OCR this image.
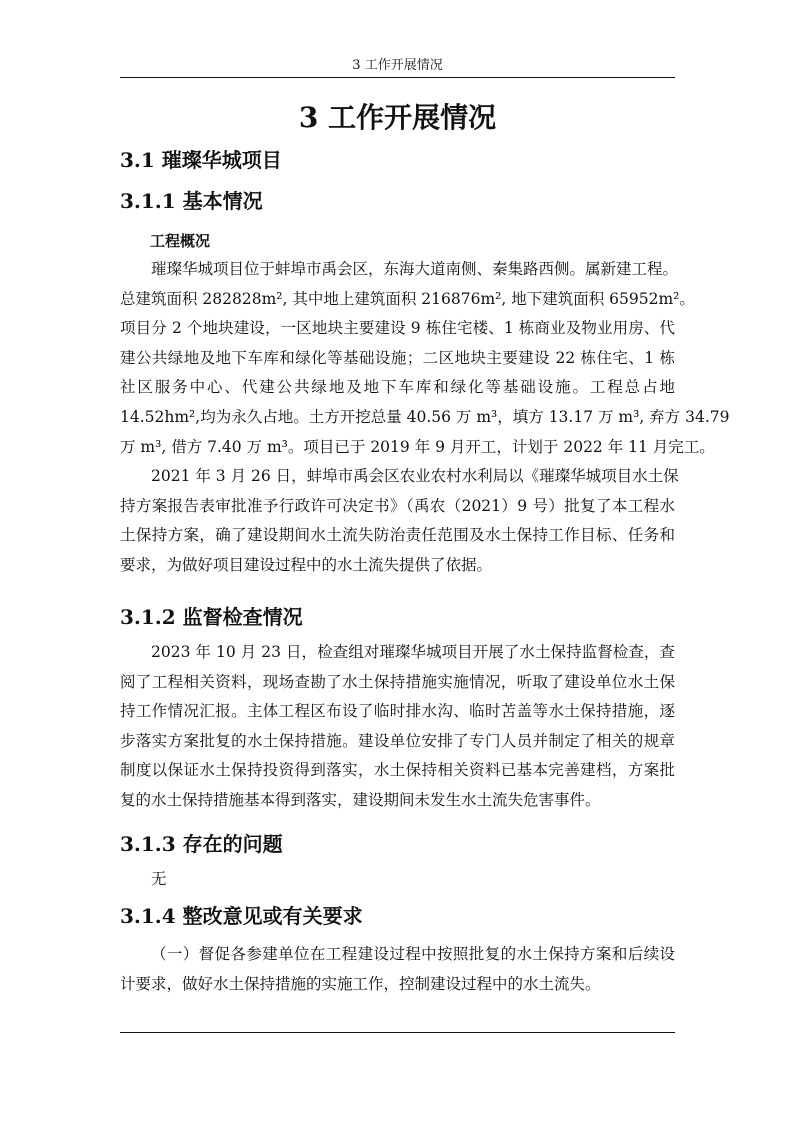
3 工作开展情况
3 工作开展情况
3.1 璀璨华城项目
3.1.1 基本情况
工程概况
璀璨华城项目位于蚌埠市禹会区，东海大道南侧、秦集路西侧。属新建工程。
总建筑面积 282828m², 其中地上建筑面积 216876m², 地下建筑面积 65952m²。
项目分 2 个地块建设，一区地块主要建设 9 栋住宅楼、1 栋商业及物业用房、代
建公共绿地及地下车库和绿化等基础设施；二区地块主要建设 22 栋住宅、1 栋
社区服务中心、代建公共绿地及地下车库和绿化等基础设施。工程总占地
14.52hm²,均为永久占地。土方开挖总量 40.56 万 m³，填方 13.17 万 m³, 弃方 34.79
万 m³, 借方 7.40 万 m³。项目已于 2019 年 9 月开工，计划于 2022 年 11 月完工。
2021 年 3 月 26 日，蚌埠市禹会区农业农村水利局以《璀璨华城项目水土保
持方案报告表审批准予行政许可决定书》（禹农（2021）9 号）批复了本工程水
土保持方案，确了建设期间水土流失防治责任范围及水土保持工作目标、任务和
要求，为做好项目建设过程中的水土流失提供了依据。
3.1.2 监督检查情况
2023 年 10 月 23 日，检查组对璀璨华城项目开展了水土保持监督检查，查
阅了工程相关资料，现场查勘了水土保持措施实施情况，听取了建设单位水土保
持工作情况汇报。主体工程区布设了临时排水沟、临时苫盖等水土保持措施，逐
步落实方案批复的水土保持措施。建设单位安排了专门人员并制定了相关的规章
制度以保证水土保持投资得到落实，水土保持相关资料已基本完善建档，方案批
复的水土保持措施基本得到落实，建设期间未发生水土流失危害事件。
3.1.3 存在的问题
无
3.1.4 整改意见或有关要求
（一）督促各参建单位在工程建设过程中按照批复的水土保持方案和后续设
计要求，做好水土保持措施的实施工作，控制建设过程中的水土流失。
